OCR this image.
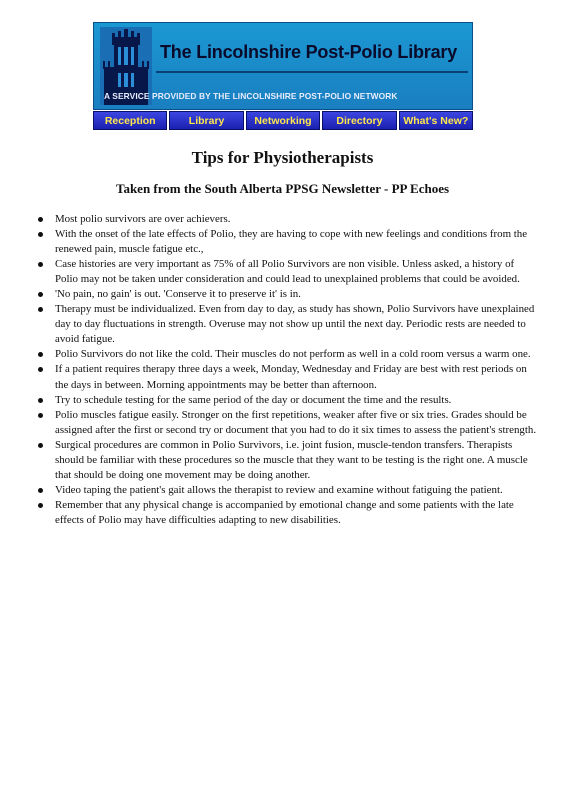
The Lincolnshire Post-Polio Library
A SERVICE PROVIDED BY THE LINCOLNSHIRE POST-POLIO NETWORK
Reception	Library	Networking	Directory	What's New?
Tips for Physiotherapists
Taken from the South Alberta PPSG Newsletter - PP Echoes
Most polio survivors are over achievers.
With the onset of the late effects of Polio, they are having to cope with new feelings and conditions from the renewed pain, muscle fatigue etc.,
Case histories are very important as 75% of all Polio Survivors are non visible. Unless asked, a history of Polio may not be taken under consideration and could lead to unexplained problems that could be avoided.
'No pain, no gain' is out. 'Conserve it to preserve it' is in.
Therapy must be individualized. Even from day to day, as study has shown, Polio Survivors have unexplained day to day fluctuations in strength. Overuse may not show up until the next day. Periodic rests are needed to avoid fatigue.
Polio Survivors do not like the cold. Their muscles do not perform as well in a cold room versus a warm one.
If a patient requires therapy three days a week, Monday, Wednesday and Friday are best with rest periods on the days in between. Morning appointments may be better than afternoon.
Try to schedule testing for the same period of the day or document the time and the results.
Polio muscles fatigue easily. Stronger on the first repetitions, weaker after five or six tries. Grades should be assigned after the first or second try or document that you had to do it six times to assess the patient's strength.
Surgical procedures are common in Polio Survivors, i.e. joint fusion, muscle-tendon transfers. Therapists should be familiar with these procedures so the muscle that they want to be testing is the right one. A muscle that should be doing one movement may be doing another.
Video taping the patient's gait allows the therapist to review and examine without fatiguing the patient.
Remember that any physical change is accompanied by emotional change and some patients with the late effects of Polio may have difficulties adapting to new disabilities.
